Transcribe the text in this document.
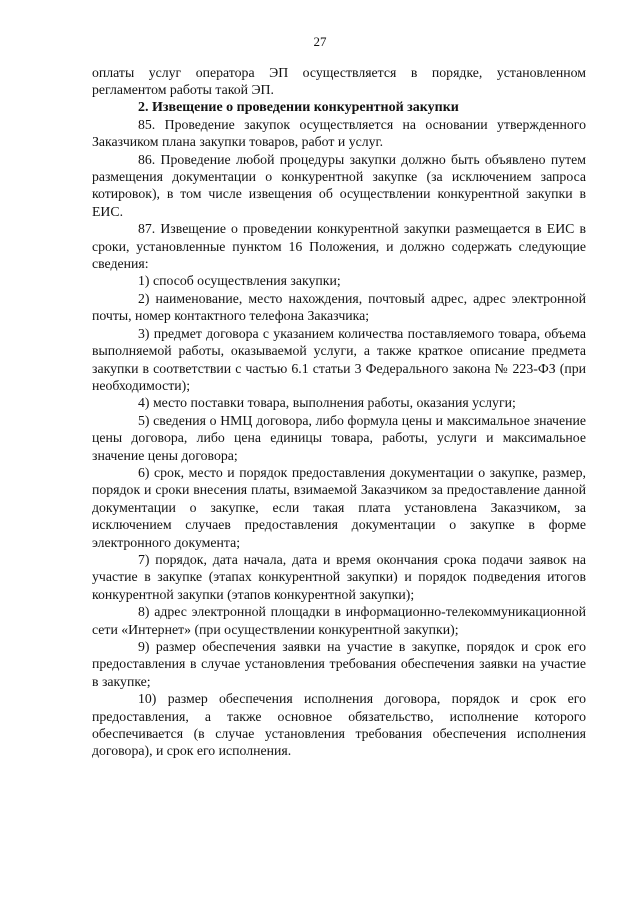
27

оплаты услуг оператора ЭП осуществляется в порядке, установленном регламентом работы такой ЭП.

2. Извещение о проведении конкурентной закупки

85. Проведение закупок осуществляется на основании утвержденного Заказчиком плана закупки товаров, работ и услуг.

86. Проведение любой процедуры закупки должно быть объявлено путем размещения документации о конкурентной закупке (за исключением запроса котировок), в том числе извещения об осуществлении конкурентной закупки в ЕИС.

87. Извещение о проведении конкурентной закупки размещается в ЕИС в сроки, установленные пунктом 16 Положения, и должно содержать следующие сведения:

1) способ осуществления закупки;

2) наименование, место нахождения, почтовый адрес, адрес электронной почты, номер контактного телефона Заказчика;

3) предмет договора с указанием количества поставляемого товара, объема выполняемой работы, оказываемой услуги, а также краткое описание предмета закупки в соответствии с частью 6.1 статьи 3 Федерального закона № 223-ФЗ (при необходимости);

4) место поставки товара, выполнения работы, оказания услуги;

5) сведения о НМЦ договора, либо формула цены и максимальное значение цены договора, либо цена единицы товара, работы, услуги и максимальное значение цены договора;

6) срок, место и порядок предоставления документации о закупке, размер, порядок и сроки внесения платы, взимаемой Заказчиком за предоставление данной документации о закупке, если такая плата установлена Заказчиком, за исключением случаев предоставления документации о закупке в форме электронного документа;

7) порядок, дата начала, дата и время окончания срока подачи заявок на участие в закупке (этапах конкурентной закупки) и порядок подведения итогов конкурентной закупки (этапов конкурентной закупки);

8) адрес электронной площадки в информационно-телекоммуникационной сети «Интернет» (при осуществлении конкурентной закупки);

9) размер обеспечения заявки на участие в закупке, порядок и срок его предоставления в случае установления требования обеспечения заявки на участие в закупке;

10) размер обеспечения исполнения договора, порядок и срок его предоставления, а также основное обязательство, исполнение которого обеспечивается (в случае установления требования обеспечения исполнения договора), и срок его исполнения.
